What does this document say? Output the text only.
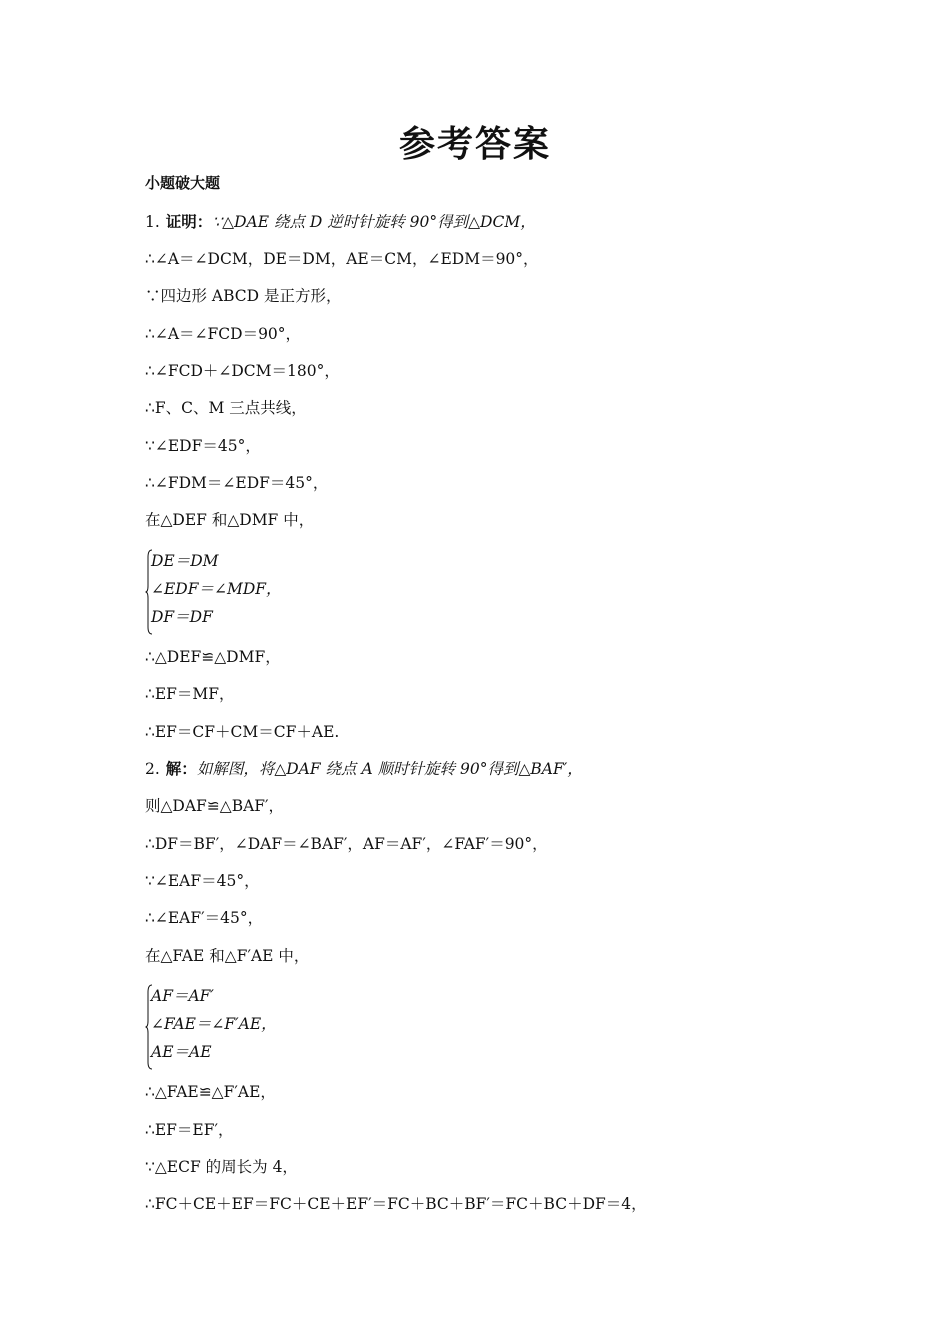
参考答案
小题破大题
1. 证明：∵△DAE 绕点 D 逆时针旋转 90°得到△DCM，
∴∠A＝∠DCM，DE＝DM，AE＝CM，∠EDM＝90°，
∵四边形 ABCD 是正方形，
∴∠A＝∠FCD＝90°，
∴∠FCD＋∠DCM＝180°，
∴F、C、M 三点共线，
∵∠EDF＝45°，
∴∠FDM＝∠EDF＝45°，
在△DEF 和△DMF 中，
DE＝DM
∠EDF＝∠MDF，
DF＝DF
∴△DEF≌△DMF，
∴EF＝MF，
∴EF＝CF＋CM＝CF＋AE.
2. 解：如解图，将△DAF 绕点 A 顺时针旋转 90°得到△BAF′，
则△DAF≌△BAF′，
∴DF＝BF′，∠DAF＝∠BAF′，AF＝AF′，∠FAF′＝90°，
∵∠EAF＝45°，
∴∠EAF′＝45°，
在△FAE 和△F′AE 中，
AF＝AF′
∠FAE＝∠F′AE，
AE＝AE
∴△FAE≌△F′AE，
∴EF＝EF′，
∵△ECF 的周长为 4，
∴FC＋CE＋EF＝FC＋CE＋EF′＝FC＋BC＋BF′＝FC＋BC＋DF＝4，
